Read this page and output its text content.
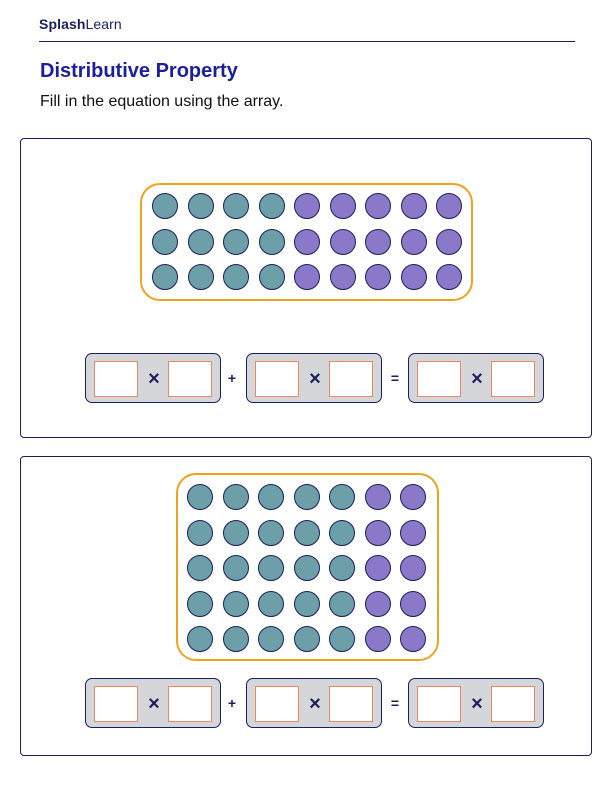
SplashLearn
Distributive Property

Fill in the equation using the array.

×	+	×	=	×
×	+	×	=	×
